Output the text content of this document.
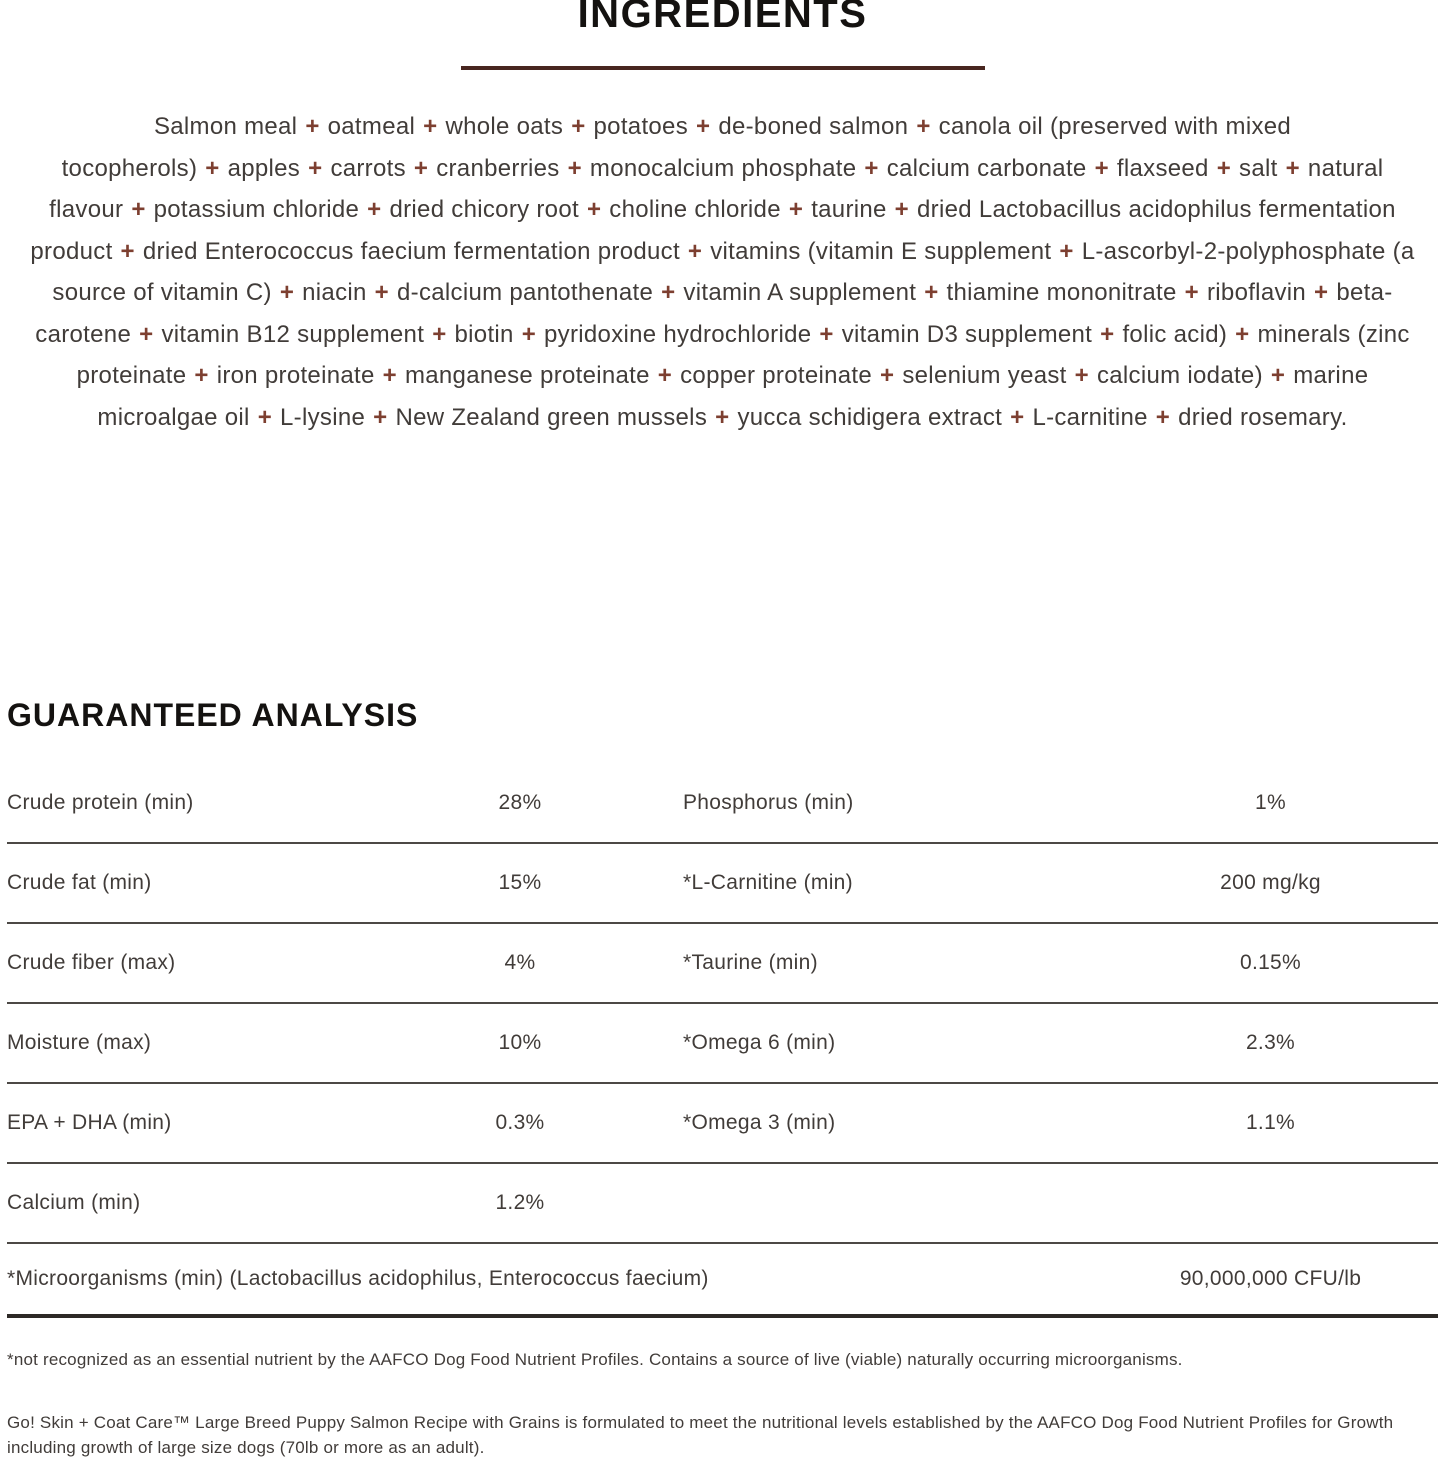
INGREDIENTS

Salmon meal + oatmeal + whole oats + potatoes + de-boned salmon + canola oil (preserved with mixed tocopherols) + apples + carrots + cranberries + monocalcium phosphate + calcium carbonate + flaxseed + salt + natural flavour + potassium chloride + dried chicory root + choline chloride + taurine + dried Lactobacillus acidophilus fermentation product + dried Enterococcus faecium fermentation product + vitamins (vitamin E supplement + L-ascorbyl-2-polyphosphate (a source of vitamin C) + niacin + d-calcium pantothenate + vitamin A supplement + thiamine mononitrate + riboflavin + beta-carotene + vitamin B12 supplement + biotin + pyridoxine hydrochloride + vitamin D3 supplement + folic acid) + minerals (zinc proteinate + iron proteinate + manganese proteinate + copper proteinate + selenium yeast + calcium iodate) + marine microalgae oil + L-lysine + New Zealand green mussels + yucca schidigera extract + L-carnitine + dried rosemary.

GUARANTEED ANALYSIS
Crude protein (min)	28%	Phosphorus (min)	1%
Crude fat (min)	15%	*L-Carnitine (min)	200 mg/kg
Crude fiber (max)	4%	*Taurine (min)	0.15%
Moisture (max)	10%	*Omega 6 (min)	2.3%
EPA + DHA (min)	0.3%	*Omega 3 (min)	1.1%
Calcium (min)	1.2%
*Microorganisms (min) (Lactobacillus acidophilus, Enterococcus faecium)	90,000,000 CFU/lb

*not recognized as an essential nutrient by the AAFCO Dog Food Nutrient Profiles. Contains a source of live (viable) naturally occurring microorganisms.

Go! Skin + Coat Care™ Large Breed Puppy Salmon Recipe with Grains is formulated to meet the nutritional levels established by the AAFCO Dog Food Nutrient Profiles for Growth including growth of large size dogs (70lb or more as an adult).
